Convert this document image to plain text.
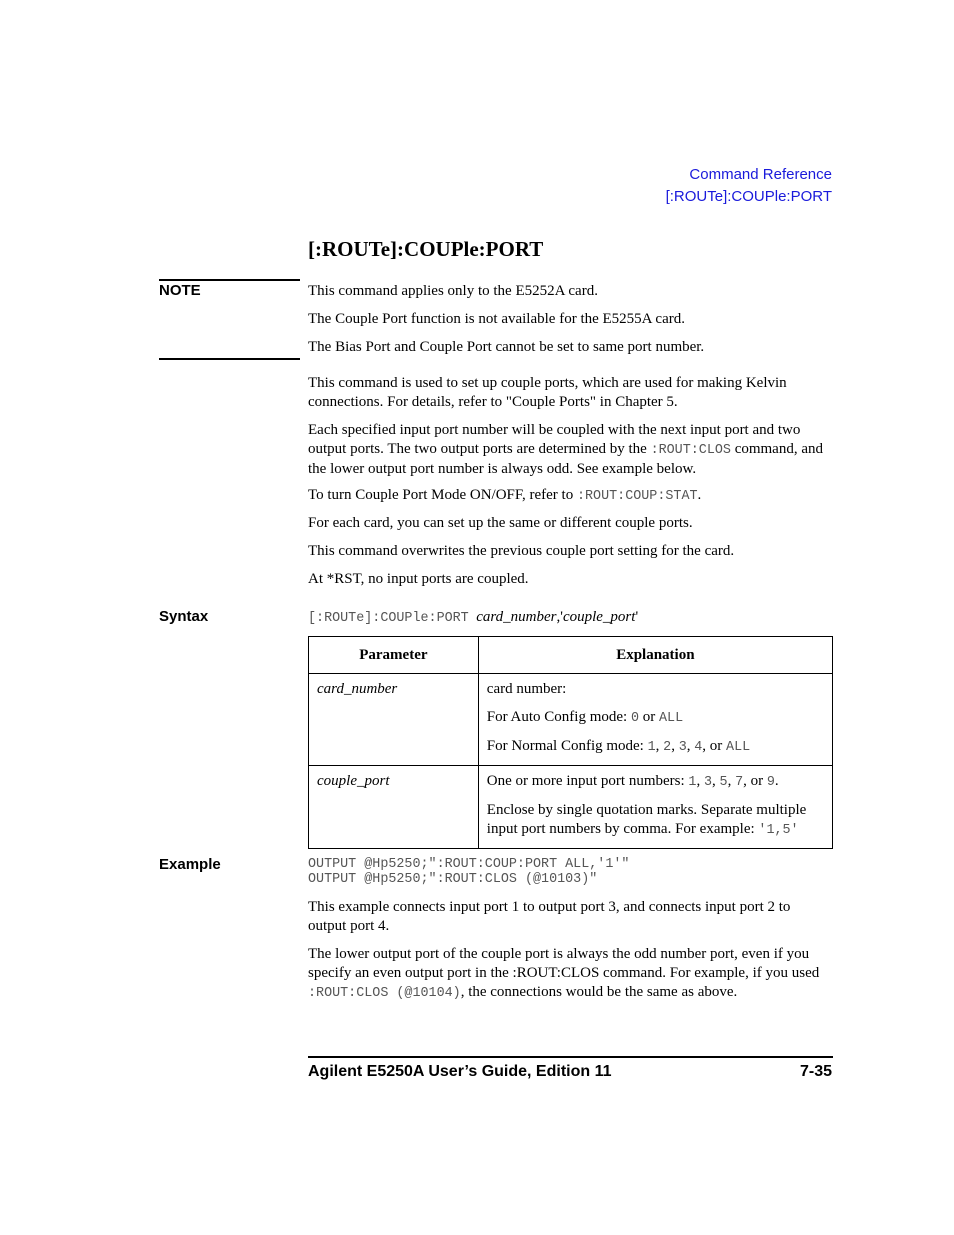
Command Reference
[:ROUTe]:COUPle:PORT
[:ROUTe]:COUPle:PORT
NOTE	This command applies only to the E5252A card.
The Couple Port function is not available for the E5255A card.
The Bias Port and Couple Port cannot be set to same port number.
This command is used to set up couple ports, which are used for making Kelvin connections. For details, refer to "Couple Ports" in Chapter 5.
Each specified input port number will be coupled with the next input port and two output ports. The two output ports are determined by the :ROUT:CLOS command, and the lower output port number is always odd. See example below.
To turn Couple Port Mode ON/OFF, refer to :ROUT:COUP:STAT.
For each card, you can set up the same or different couple ports.
This command overwrites the previous couple port setting for the card.
At *RST, no input ports are coupled.
Syntax	[:ROUTe]:COUPle:PORT card_number,'couple_port'
Parameter	Explanation

card_number	card number:

For Auto Config mode: 0 or ALL

For Normal Config mode: 1, 2, 3, 4, or ALL

couple_port	One or more input port numbers: 1, 3, 5, 7, or 9.

Enclose by single quotation marks. Separate multiple input port numbers by comma. For example: '1,5'

Example	OUTPUT @Hp5250;":ROUT:COUP:PORT ALL,'1'"
OUTPUT @Hp5250;":ROUT:CLOS (@10103)"
This example connects input port 1 to output port 3, and connects input port 2 to output port 4.
The lower output port of the couple port is always the odd number port, even if you specify an even output port in the :ROUT:CLOS command. For example, if you used :ROUT:CLOS (@10104), the connections would be the same as above.
Agilent E5250A User’s Guide, Edition 11	7-35
